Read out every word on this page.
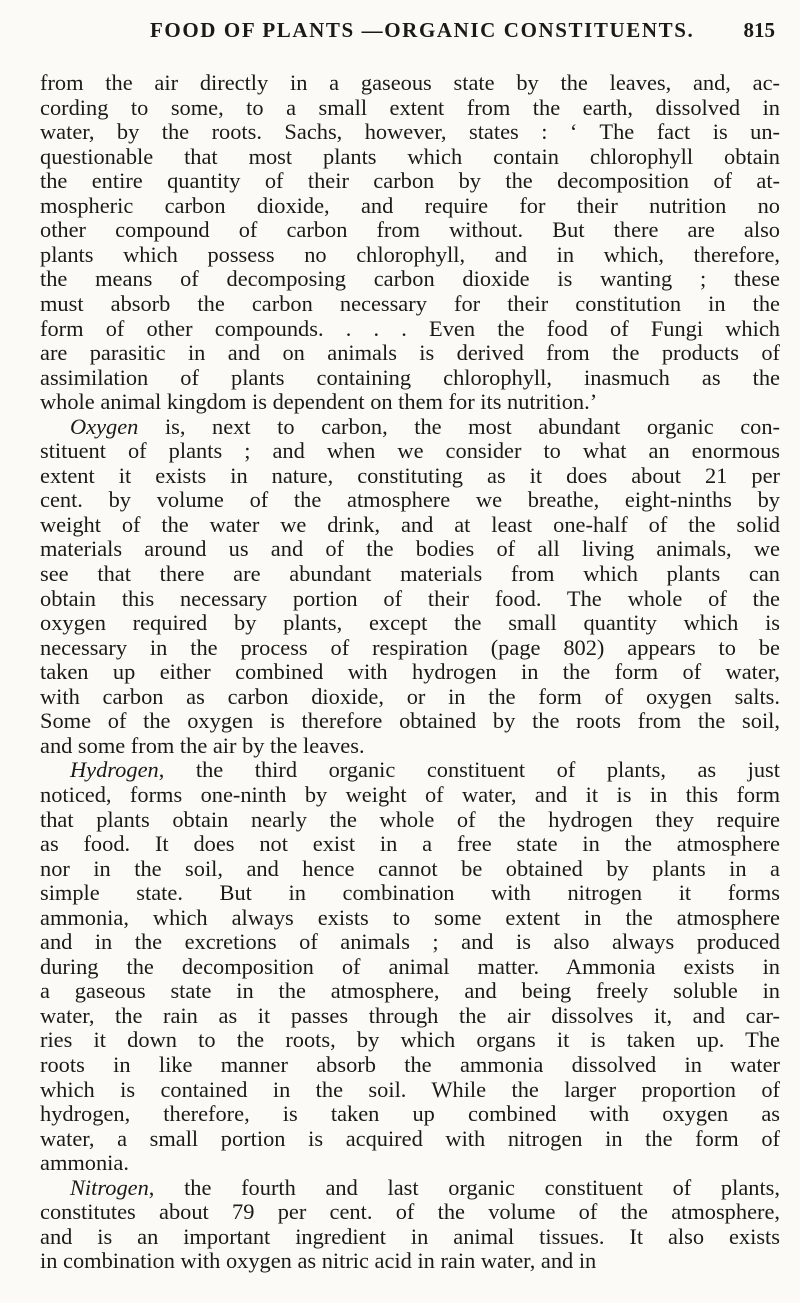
FOOD OF PLANTS —ORGANIC CONSTITUENTS. 815
from the air directly in a gaseous state by the leaves, and, ac-
cording to some, to a small extent from the earth, dissolved in
water, by the roots. Sachs, however, states : ‘ The fact is un-
questionable that most plants which contain chlorophyll obtain
the entire quantity of their carbon by the decomposition of at-
mospheric carbon dioxide, and require for their nutrition no
other compound of carbon from without. But there are also
plants which possess no chlorophyll, and in which, therefore,
the means of decomposing carbon dioxide is wanting ; these
must absorb the carbon necessary for their constitution in the
form of other compounds. . . . Even the food of Fungi which
are parasitic in and on animals is derived from the products of
assimilation of plants containing chlorophyll, inasmuch as the
whole animal kingdom is dependent on them for its nutrition.’
Oxygen is, next to carbon, the most abundant organic con-
stituent of plants ; and when we consider to what an enormous
extent it exists in nature, constituting as it does about 21 per
cent. by volume of the atmosphere we breathe, eight-ninths by
weight of the water we drink, and at least one-half of the solid
materials around us and of the bodies of all living animals, we
see that there are abundant materials from which plants can
obtain this necessary portion of their food. The whole of the
oxygen required by plants, except the small quantity which is
necessary in the process of respiration (page 802) appears to be
taken up either combined with hydrogen in the form of water,
with carbon as carbon dioxide, or in the form of oxygen salts.
Some of the oxygen is therefore obtained by the roots from the soil,
and some from the air by the leaves.
Hydrogen, the third organic constituent of plants, as just
noticed, forms one-ninth by weight of water, and it is in this form
that plants obtain nearly the whole of the hydrogen they require
as food. It does not exist in a free state in the atmosphere
nor in the soil, and hence cannot be obtained by plants in a
simple state. But in combination with nitrogen it forms
ammonia, which always exists to some extent in the atmosphere
and in the excretions of animals ; and is also always produced
during the decomposition of animal matter. Ammonia exists in
a gaseous state in the atmosphere, and being freely soluble in
water, the rain as it passes through the air dissolves it, and car-
ries it down to the roots, by which organs it is taken up. The
roots in like manner absorb the ammonia dissolved in water
which is contained in the soil. While the larger proportion of
hydrogen, therefore, is taken up combined with oxygen as
water, a small portion is acquired with nitrogen in the form of
ammonia.
Nitrogen, the fourth and last organic constituent of plants,
constitutes about 79 per cent. of the volume of the atmosphere,
and is an important ingredient in animal tissues. It also exists
in combination with oxygen as nitric acid in rain water, and in
